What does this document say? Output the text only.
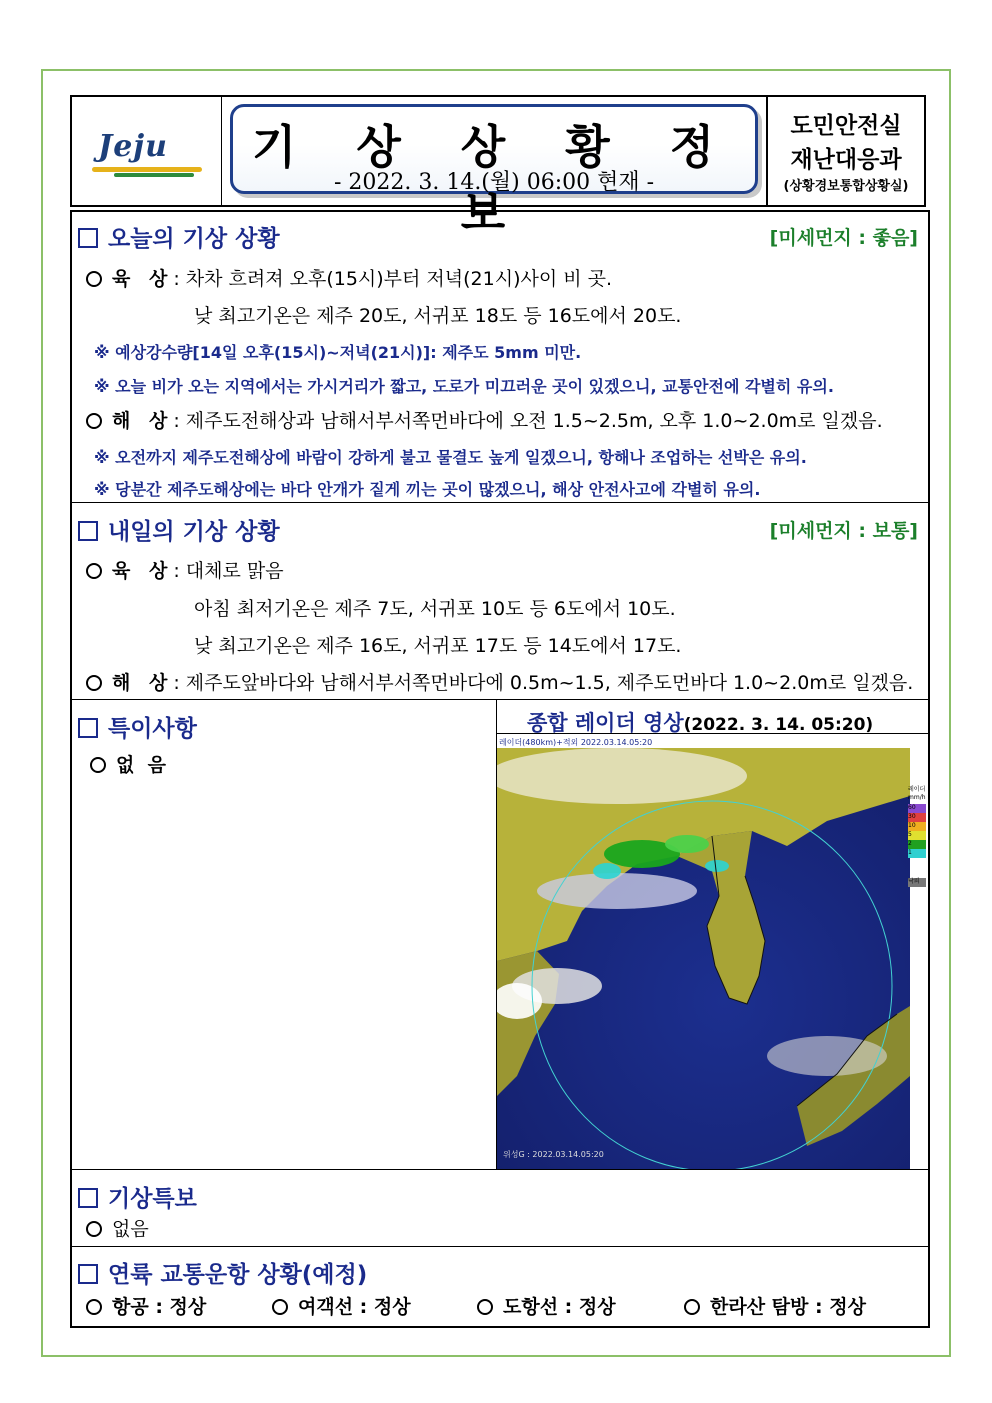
Jeju	기 상 상 황 정 보
- 2022. 3. 14.(월) 06:00 현재 -
도민안전실
재난대응과
(상황경보통합상황실)
오늘의 기상 상황	[미세먼지 : 좋음]
육 상: 차차 흐려져 오후(15시)부터 저녁(21시)사이 비 곳.
낮 최고기온은 제주 20도, 서귀포 18도 등 16도에서 20도.
※ 예상강수량[14일 오후(15시)~저녁(21시)]: 제주도 5mm 미만.
※ 오늘 비가 오는 지역에서는 가시거리가 짧고, 도로가 미끄러운 곳이 있겠으니, 교통안전에 각별히 유의.
해 상: 제주도전해상과 남해서부서쪽먼바다에 오전 1.5~2.5m, 오후 1.0~2.0m로 일겠음.
※ 오전까지 제주도전해상에 바람이 강하게 불고 물결도 높게 일겠으니, 항해나 조업하는 선박은 유의.
※ 당분간 제주도해상에는 바다 안개가 짙게 끼는 곳이 많겠으니, 해상 안전사고에 각별히 유의.
내일의 기상 상황	[미세먼지 : 보통]
육 상: 대체로 맑음
아침 최저기온은 제주 7도, 서귀포 10도 등 6도에서 10도.
낮 최고기온은 제주 16도, 서귀포 17도 등 14도에서 17도.
해 상: 제주도앞바다와 남해서부서쪽먼바다에 0.5m~1.5, 제주도먼바다 1.0~2.0m로 일겠음.
특이사항
없  음
기상특보
없음
연륙 교통운항 상황(예정)
항공 : 정상	여객선 : 정상	도항선 : 정상	한라산 탐방 : 정상
종합 레이더 영상(2022. 3. 14. 05:20)
레이더(480km)+적외 2022.03.14.05:20
위성G : 2022.03.14.05:20
레이더
mm/h
60
30
10
5
2
1
낙뢰
